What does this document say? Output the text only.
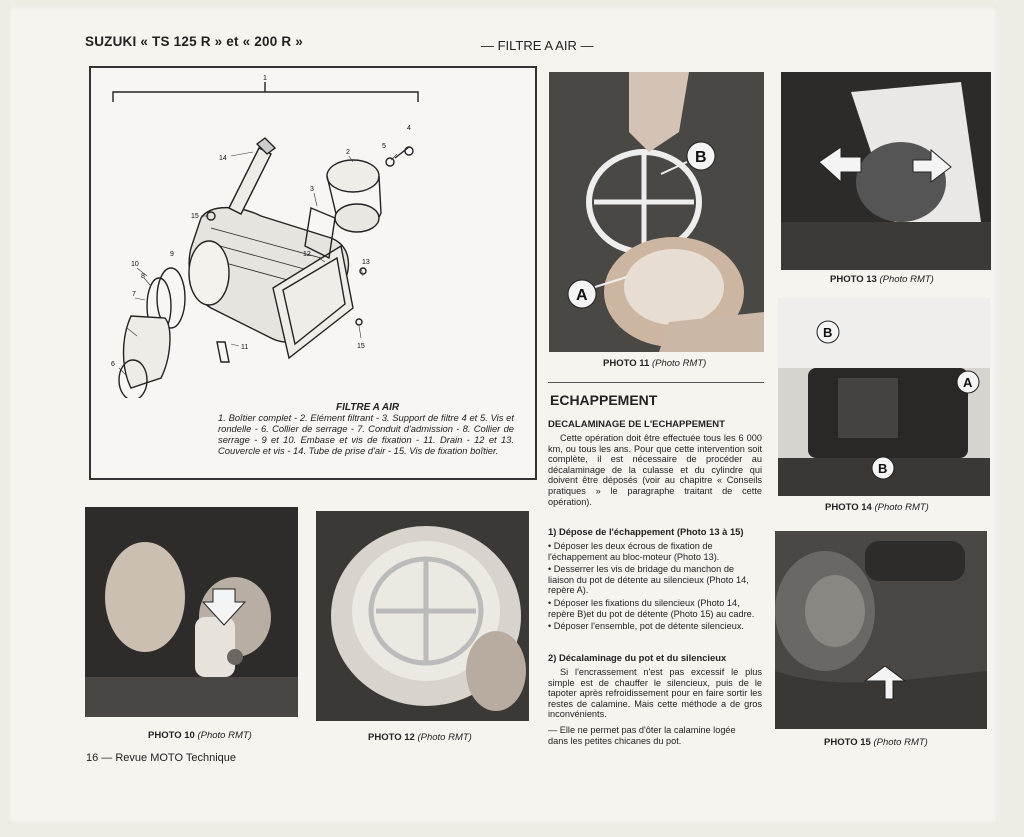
SUZUKI « TS 125 R » et « 200 R »	— FILTRE A AIR —
1
2
3
4
5
6
7
8
9
10
11
12
13
14
15
15
FILTRE A AIR
1. Boîtier complet - 2. Elément filtrant - 3. Support de filtre 4 et 5. Vis et rondelle - 6. Collier de serrage - 7. Conduit d'admission - 8. Collier de serrage - 9 et 10. Embase et vis de fixation - 11. Drain - 12 et 13. Couvercle et vis - 14. Tube de prise d'air - 15. Vis de fixation boîtier.
PHOTO 10 (Photo RMT)	PHOTO 12 (Photo RMT)
B
A
PHOTO 11 (Photo RMT)
ECHAPPEMENT
DECALAMINAGE DE L'ECHAPPEMENT
Cette opération doit être effectuée tous les 6 000 km, ou tous les ans. Pour que cette intervention soit complète, il est nécessaire de procéder au décalaminage de la culasse et du cylindre qui doivent être déposés (voir au chapitre « Conseils pratiques » le paragraphe traitant de cette opération).
1) Dépose de l'échappement (Photo 13 à 15)
• Déposer les deux écrous de fixation de l'échappement au bloc-moteur (Photo 13).
• Desserrer les vis de bridage du manchon de liaison du pot de détente au silencieux (Photo 14, repère A).
• Déposer les fixations du silencieux (Photo 14, repère B)et du pot de détente (Photo 15) au cadre.
• Déposer l'ensemble, pot de détente silencieux.
2) Décalaminage du pot et du silencieux
Si l'encrassement n'est pas excessif le plus simple est de chauffer le silencieux, puis de le tapoter après refroidissement pour en faire sortir les restes de calamine. Mais cette méthode a de gros inconvénients.
— Elle ne permet pas d'ôter la calamine logée dans les petites chicanes du pot.
PHOTO 13 (Photo RMT)
B
A
B
PHOTO 14 (Photo RMT)
PHOTO 15 (Photo RMT)
16 — Revue MOTO Technique
